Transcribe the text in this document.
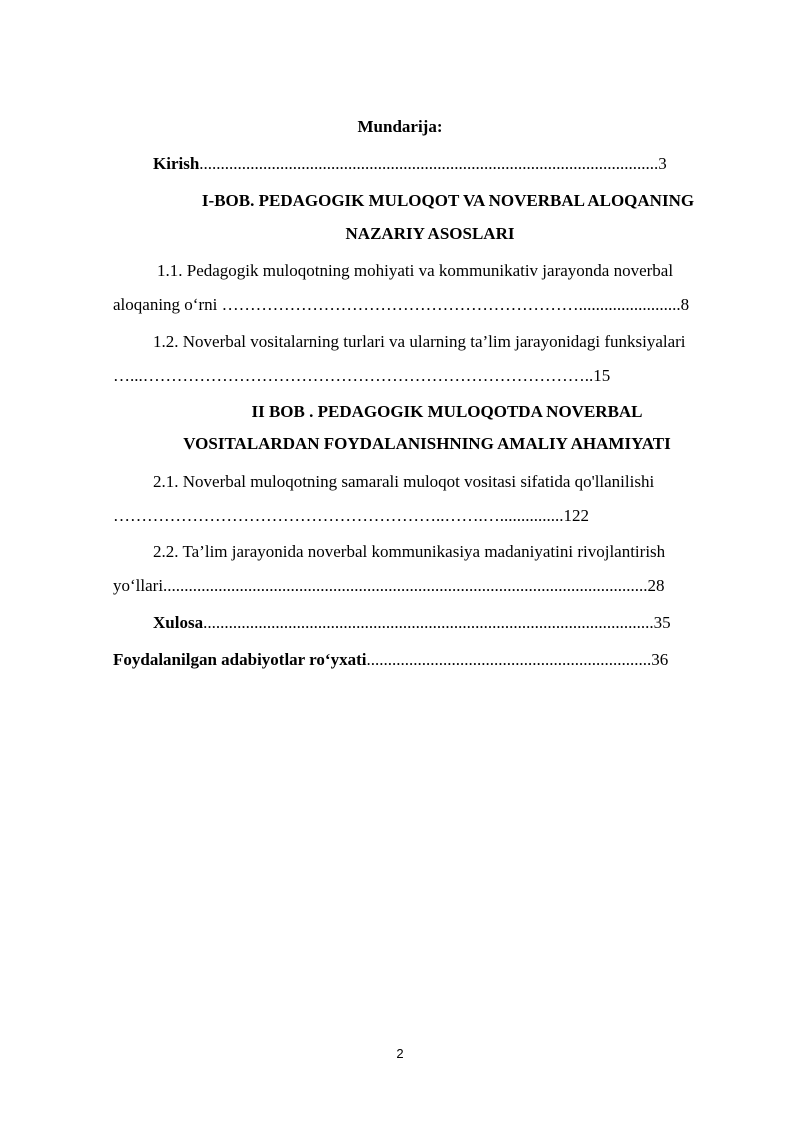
Mundarija:
Kirish............................................................................................................3
I-BOB. PEDAGOGIK MULOQOT VA NOVERBAL ALOQANING
NAZARIY ASOSLARI
1.1. Pedagogik muloqotning mohiyati va kommunikativ jarayonda noverbal
aloqaning o‘rni ………………………………………………………........................8
1.2. Noverbal vositalarning turlari va ularning ta’lim jarayonidagi funksiyalari
…...……………………………………………………………………..15
II BOB . PEDAGOGIK MULOQOTDA NOVERBAL
VOSITALARDAN FOYDALANISHNING AMALIY AHAMIYATI
2.1. Noverbal muloqotning samarali muloqot vositasi sifatida qo'llanilishi
…………………………………………………..…….…...............122
2.2. Ta’lim jarayonida noverbal kommunikasiya madaniyatini rivojlantirish
yo‘llari..................................................................................................................28
Xulosa..........................................................................................................35
Foydalanilgan adabiyotlar ro‘yxati...................................................................36
2
